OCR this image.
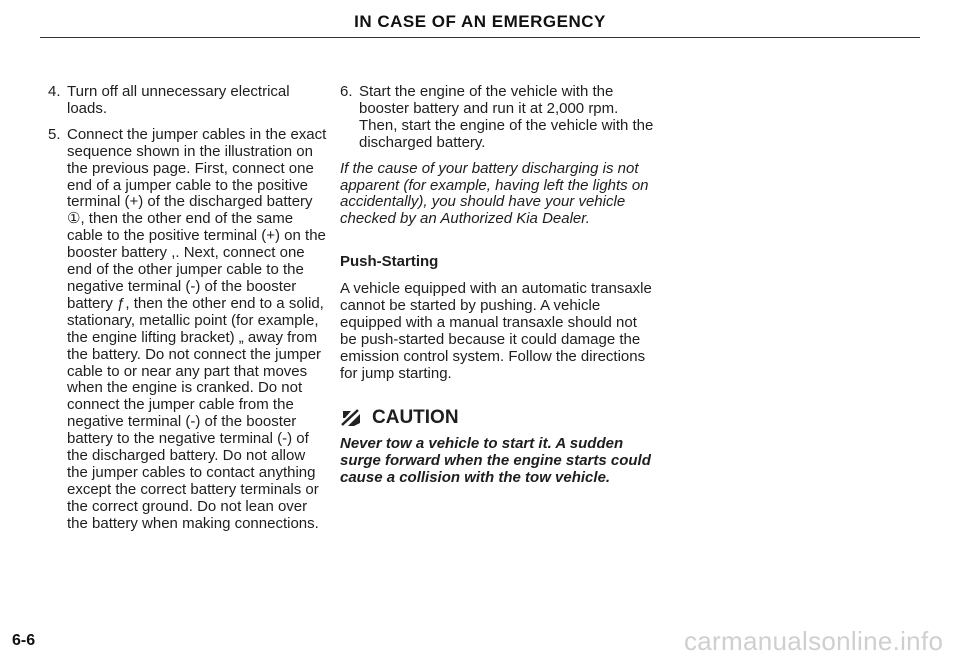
IN CASE OF AN EMERGENCY
4. Turn off all unnecessary electrical loads.
5. Connect the jumper cables in the exact sequence shown in the illustration on the previous page. First, connect one end of a jumper cable to the positive terminal (+) of the discharged battery ①, then the other end of the same cable to the positive terminal (+) on the booster battery ,. Next, connect one end of the other jumper cable to the negative terminal (-) of the booster battery ƒ, then the other end to a solid, stationary, metallic point (for example, the engine lifting bracket) „ away from the battery. Do not connect the jumper cable to or near any part that moves when the engine is cranked. Do not connect the jumper cable from the negative terminal (-) of the booster battery to the negative terminal (-) of the discharged battery. Do not allow the jumper cables to contact anything except the correct battery terminals or the correct ground. Do not lean over the battery when making connections.
6. Start the engine of the vehicle with the booster battery and run it at 2,000 rpm. Then, start the engine of the vehicle with the discharged battery.
If the cause of your battery discharging is not apparent (for example, having left the lights on accidentally), you should have your vehicle checked by an Authorized Kia Dealer.
Push-Starting
A vehicle equipped with an automatic transaxle cannot be started by pushing. A vehicle equipped with a manual transaxle should not be push-started because it could damage the emission control system. Follow the directions for jump starting.
CAUTION
Never tow a vehicle to start it. A sudden surge forward when the engine starts could cause a collision with the tow vehicle.
6-6	carmanualsonline.info
